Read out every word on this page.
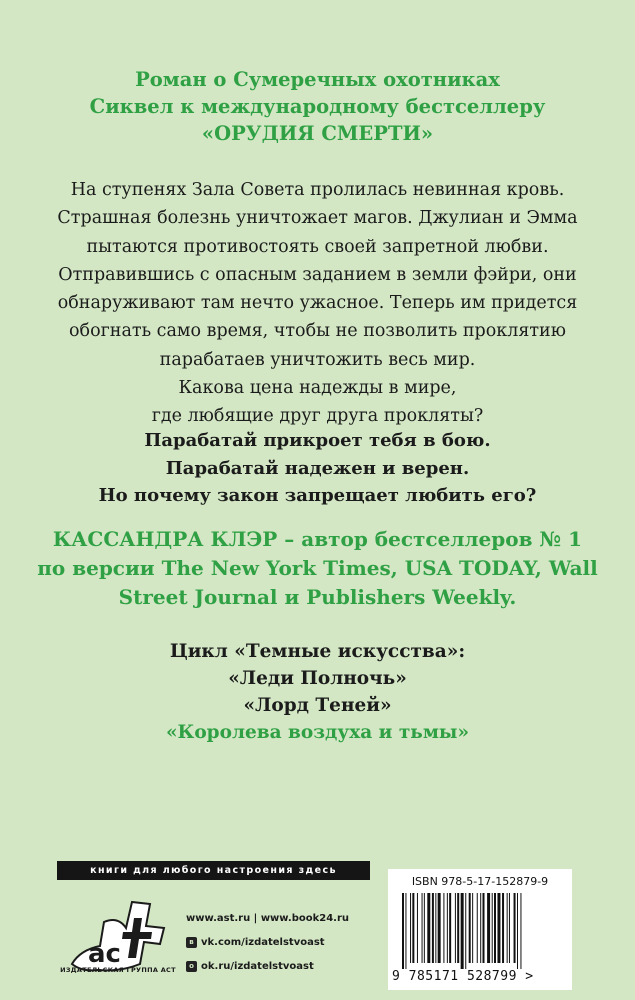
Роман о Сумеречных охотниках
Сиквел к международному бестселлеру
«ОРУДИЯ СМЕРТИ»
На ступенях Зала Совета пролилась невинная кровь.
Страшная болезнь уничтожает магов. Джулиан и Эмма
пытаются противостоять своей запретной любви.
Отправившись с опасным заданием в земли фэйри, они
обнаруживают там нечто ужасное. Теперь им придется
обогнать само время, чтобы не позволить проклятию
парабатаев уничтожить весь мир.
Какова цена надежды в мире,
где любящие друг друга прокляты?
Парабатай прикроет тебя в бою.
Парабатай надежен и верен.
Но почему закон запрещает любить его?
КАССАНДРА КЛЭР – автор бестселлеров № 1
по версии The New York Times, USA TODAY, Wall
Street Journal и Publishers Weekly.
Цикл «Темные искусства»:
«Леди Полночь»
«Лорд Теней»
«Королева воздуха и тьмы»
книги для любого настроения здесь
ac
ИЗДАТЕЛЬСКАЯ ГРУППА АСТ
www.ast.ru | www.book24.ru
в vk.com/izdatelstvoast
о ok.ru/izdatelstvoast
ISBN 978-5-17-152879-9
9 785171 528799 >
